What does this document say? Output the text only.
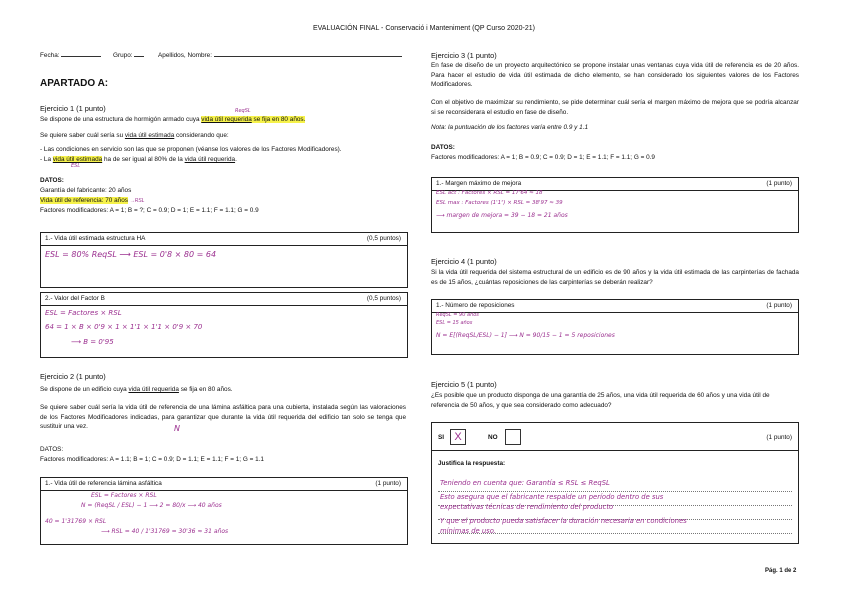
EVALUACIÓN FINAL - Conservació i Manteniment (QP Curso 2020-21)
Fecha:	Grupo:	Apellidos, Nombre:
APARTADO A:
Ejercicio 1 (1 punto)	ReqSL
Se dispone de una estructura de hormigón armado cuya vida útil requerida se fija en 80 años.
Se quiere saber cuál sería su vida útil estimada considerando que:
- Las condiciones en servicio son las que se proponen (véanse los valores de los Factores Modificadores).
- La vida útil estimada ha de ser igual al 80% de la vida útil requerida.
ESL
DATOS:
Garantía del fabricante: 20 años
Vida útil de referencia: 70 años →RSL
Factores modificadores: A = 1; B = ?; C = 0.9; D = 1; E = 1.1; F = 1.1; G = 0.9
1.- Vida útil estimada estructura HA	(0,5 puntos)
ESL = 80% ReqSL ⟶ ESL = 0'8 × 80 = 64
2.- Valor del Factor B	(0,5 puntos)
ESL = Factores × RSL
64 = 1 × B × 0'9 × 1 × 1'1 × 1'1 × 0'9 × 70
⟶ B = 0'95
Ejercicio 2 (1 punto)
Se dispone de un edificio cuya vida útil requerida se fija en 80 años.
Se quiere saber cuál sería la vida útil de referencia de una lámina asfáltica para una cubierta, instalada según las valoraciones de los Factores Modificadores indicadas, para garantizar que durante la vida útil requerida del edificio tan solo se tenga que sustituir una vez.	N
DATOS:
Factores modificadores: A = 1.1; B = 1; C = 0.9; D = 1.1; E = 1.1; F = 1; G = 1.1
1.- Vida útil de referencia lámina asfáltica	(1 punto)
ESL = Factores × RSL
N = (ReqSL / ESL) − 1 ⟶ 2 = 80/x ⟶ 40 años
40 = 1'31769 × RSL
⟶ RSL = 40 / 1'31769 = 30'36 ≈ 31 años
Ejercicio 3 (1 punto)
En fase de diseño de un proyecto arquitectónico se propone instalar unas ventanas cuya vida útil de referencia es de 20 años. Para hacer el estudio de vida útil estimada de dicho elemento, se han considerado los siguientes valores de los Factores Modificadores.
Con el objetivo de maximizar su rendimiento, se pide determinar cuál sería el margen máximo de mejora que se podría alcanzar si se reconsiderara el estudio en fase de diseño.
Nota: la puntuación de los factores varía entre 0.9 y 1.1
DATOS:
Factores modificadores: A = 1; B = 0.9; C = 0.9; D = 1; E = 1.1; F = 1.1; G = 0.9
1.- Margen máximo de mejora	(1 punto)
ESL act : Factores × RSL = 17'64 ≈ 18
ESL max : Factores (1'1⁷) × RSL = 38'97 ≈ 39
⟶ margen de mejora = 39 − 18 = 21 años
Ejercicio 4 (1 punto)
Si la vida útil requerida del sistema estructural de un edificio es de 90 años y la vida útil estimada de las carpinterías de fachada es de 15 años, ¿cuántas reposiciones de las carpinterías se deberán realizar?
1.- Número de reposiciones	(1 punto)
ReqSL = 90 años
ESL = 15 años
N = E[(ReqSL/ESL) − 1] ⟶ N = 90/15 − 1 = 5 reposiciones
Ejercicio 5 (1 punto)
¿Es posible que un producto disponga de una garantía de 25 años, una vida útil requerida de 60 años y una vida útil de referencia de 50 años, y que sea considerado como adecuado?
SI X	NO	(1 punto)
Justifica la respuesta:
Teniendo en cuenta que: Garantía ≤ RSL ≤ ReqSL
Esto asegura que el fabricante respalde un período dentro de sus
expectativas técnicas de rendimiento del producto
Y que el producto pueda satisfacer la duración necesaria en condiciones
mínimas de uso.
Pág. 1 de 2
